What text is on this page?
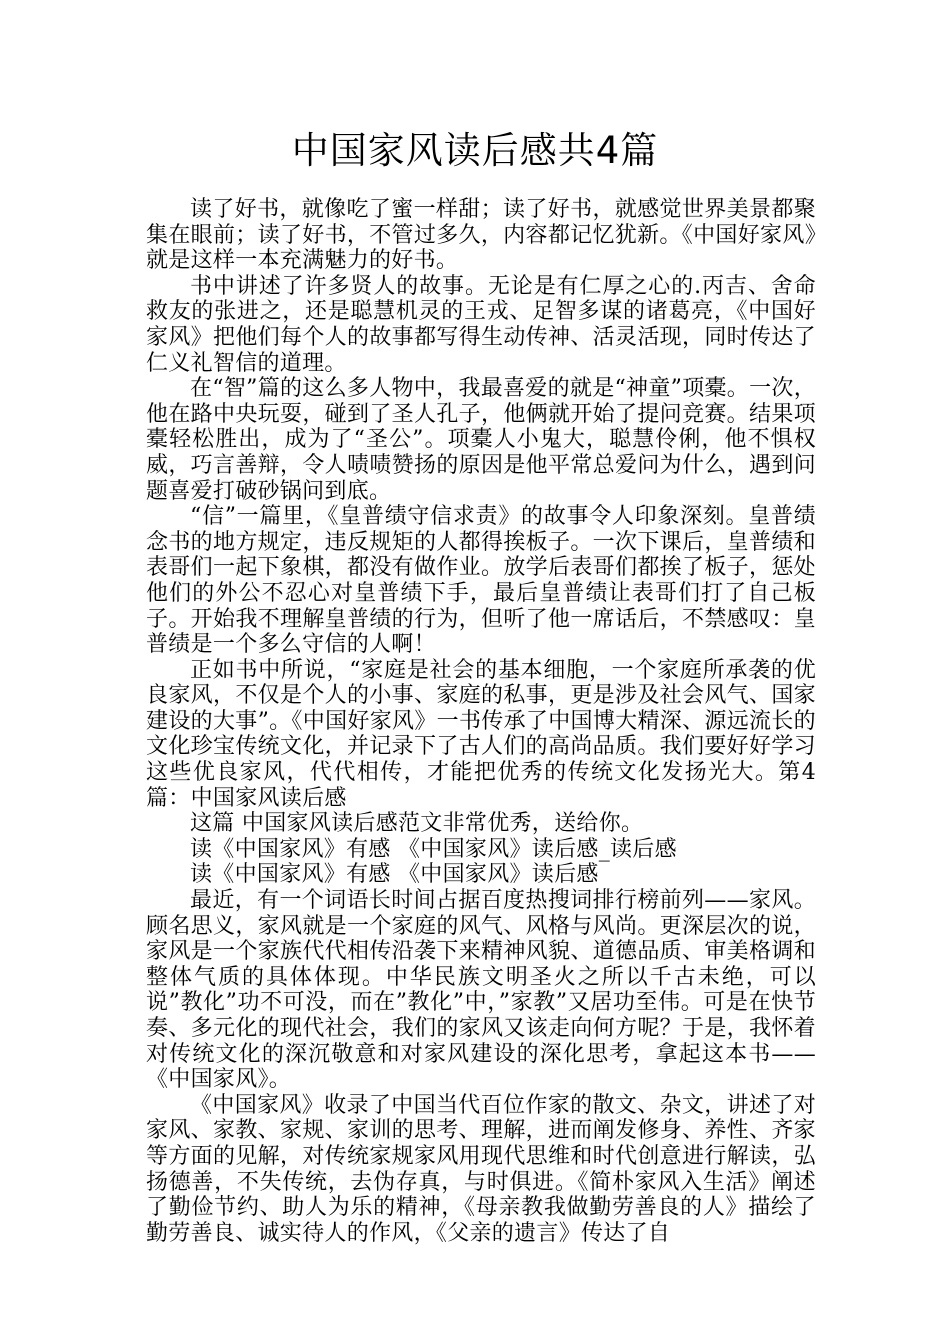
中国家风读后感共4篇

读了好书，就像吃了蜜一样甜；读了好书，就感觉世界美景都聚集在眼前；读了好书，不管过多久，内容都记忆犹新。《中国好家风》就是这样一本充满魅力的好书。

书中讲述了许多贤人的故事。无论是有仁厚之心的.丙吉、舍命救友的张进之，还是聪慧机灵的王戎、足智多谋的诸葛亮，《中国好家风》把他们每个人的故事都写得生动传神、活灵活现，同时传达了仁义礼智信的道理。

在“智”篇的这么多人物中，我最喜爱的就是“神童”项橐。一次，他在路中央玩耍，碰到了圣人孔子，他俩就开始了提问竞赛。结果项橐轻松胜出，成为了“圣公”。项橐人小鬼大，聪慧伶俐，他不惧权威，巧言善辩，令人啧啧赞扬的原因是他平常总爱问为什么，遇到问题喜爱打破砂锅问到底。

“信”一篇里，《皇普绩守信求责》的故事令人印象深刻。皇普绩念书的地方规定，违反规矩的人都得挨板子。一次下课后，皇普绩和表哥们一起下象棋，都没有做作业。放学后表哥们都挨了板子，惩处他们的外公不忍心对皇普绩下手，最后皇普绩让表哥们打了自己板子。开始我不理解皇普绩的行为，但听了他一席话后，不禁感叹：皇普绩是一个多么守信的人啊！

正如书中所说，“家庭是社会的基本细胞，一个家庭所承袭的优良家风，不仅是个人的小事、家庭的私事，更是涉及社会风气、国家建设的大事”。《中国好家风》一书传承了中国博大精深、源远流长的文化珍宝传统文化，并记录下了古人们的高尚品质。我们要好好学习这些优良家风，代代相传，才能把优秀的传统文化发扬光大。第4篇：中国家风读后感

这篇 中国家风读后感范文非常优秀，送给你。

读《中国家风》有感 《中国家风》读后感_读后感

读《中国家风》有感 《中国家风》读后感

最近，有一个词语长时间占据百度热搜词排行榜前列——家风。顾名思义，家风就是一个家庭的风气、风格与风尚。更深层次的说，家风是一个家族代代相传沿袭下来精神风貌、道德品质、审美格调和整体气质的具体体现。中华民族文明圣火之所以千古未绝，可以说”教化”功不可没，而在”教化”中，”家教”又居功至伟。可是在快节奏、多元化的现代社会，我们的家风又该走向何方呢？于是，我怀着对传统文化的深沉敬意和对家风建设的深化思考，拿起这本书——《中国家风》。

《中国家风》收录了中国当代百位作家的散文、杂文，讲述了对家风、家教、家规、家训的思考、理解，进而阐发修身、养性、齐家等方面的见解，对传统家规家风用现代思维和时代创意进行解读，弘扬德善，不失传统，去伪存真，与时俱进。《简朴家风入生活》阐述了勤俭节约、助人为乐的精神，《母亲教我做勤劳善良的人》描绘了勤劳善良、诚实待人的作风，《父亲的遗言》传达了自
